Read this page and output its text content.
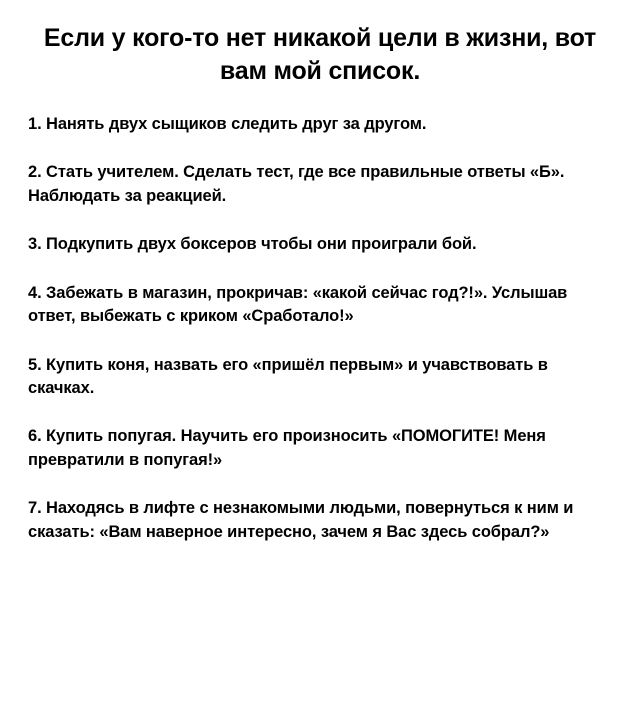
Если у кого-то нет никакой цели в жизни, вот вам мой список.
1. Нанять двух сыщиков следить друг за другом.
2. Стать учителем. Сделать тест, где все правильные ответы «Б». Наблюдать за реакцией.
3. Подкупить двух боксеров чтобы они проиграли бой.
4. Забежать в магазин, прокричав: «какой сейчас год?!». Услышав ответ, выбежать с криком «Сработало!»
5. Купить коня, назвать его «пришёл первым» и учавствовать в скачках.
6. Купить попугая. Научить его произносить «ПОМОГИТЕ! Меня превратили в попугая!»
7. Находясь в лифте с незнакомыми людьми, повернуться к ним и сказать: «Вам наверное интересно, зачем я Вас здесь собрал?»
